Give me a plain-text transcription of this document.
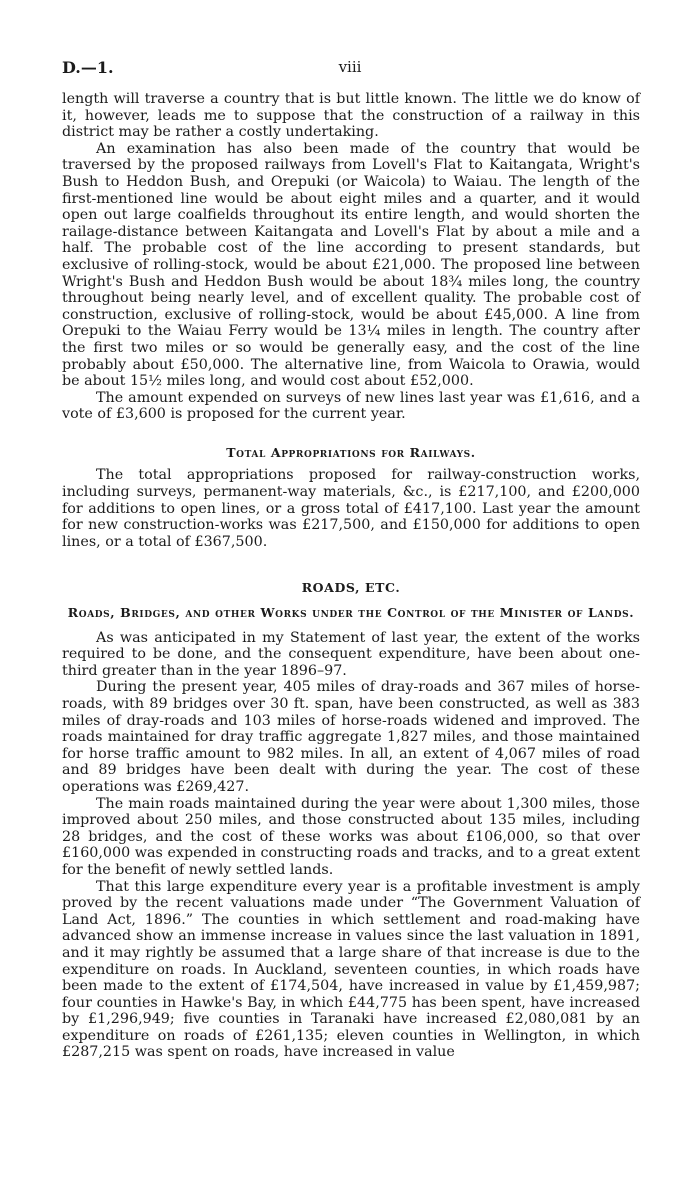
D.—1.	viii

length will traverse a country that is but little known. The little we do know of it, however, leads me to suppose that the construction of a railway in this district may be rather a costly undertaking.

An examination has also been made of the country that would be traversed by the proposed railways from Lovell's Flat to Kaitangata, Wright's Bush to Heddon Bush, and Orepuki (or Waicola) to Waiau. The length of the first-mentioned line would be about eight miles and a quarter, and it would open out large coalfields throughout its entire length, and would shorten the railage-distance between Kaitangata and Lovell's Flat by about a mile and a half. The probable cost of the line according to present standards, but exclusive of rolling-stock, would be about £21,000. The proposed line between Wright's Bush and Heddon Bush would be about 18¾ miles long, the country throughout being nearly level, and of excellent quality. The probable cost of construction, exclusive of rolling-stock, would be about £45,000. A line from Orepuki to the Waiau Ferry would be 13¼ miles in length. The country after the first two miles or so would be generally easy, and the cost of the line probably about £50,000. The alternative line, from Waicola to Orawia, would be about 15½ miles long, and would cost about £52,000.

The amount expended on surveys of new lines last year was £1,616, and a vote of £3,600 is proposed for the current year.

Total Appropriations for Railways.

The total appropriations proposed for railway-construction works, including surveys, permanent-way materials, &c., is £217,100, and £200,000 for additions to open lines, or a gross total of £417,100. Last year the amount for new construction-works was £217,500, and £150,000 for additions to open lines, or a total of £367,500.

ROADS, ETC.
Roads, Bridges, and other Works under the Control of the Minister of Lands.

As was anticipated in my Statement of last year, the extent of the works required to be done, and the consequent expenditure, have been about one-third greater than in the year 1896–97.

During the present year, 405 miles of dray-roads and 367 miles of horse-roads, with 89 bridges over 30 ft. span, have been constructed, as well as 383 miles of dray-roads and 103 miles of horse-roads widened and improved. The roads maintained for dray traffic aggregate 1,827 miles, and those maintained for horse traffic amount to 982 miles. In all, an extent of 4,067 miles of road and 89 bridges have been dealt with during the year. The cost of these operations was £269,427.

The main roads maintained during the year were about 1,300 miles, those improved about 250 miles, and those constructed about 135 miles, including 28 bridges, and the cost of these works was about £106,000, so that over £160,000 was expended in constructing roads and tracks, and to a great extent for the benefit of newly settled lands.

That this large expenditure every year is a profitable investment is amply proved by the recent valuations made under “The Government Valuation of Land Act, 1896.” The counties in which settlement and road-making have advanced show an immense increase in values since the last valuation in 1891, and it may rightly be assumed that a large share of that increase is due to the expenditure on roads. In Auckland, seventeen counties, in which roads have been made to the extent of £174,504, have increased in value by £1,459,987; four counties in Hawke's Bay, in which £44,775 has been spent, have increased by £1,296,949; five counties in Taranaki have increased £2,080,081 by an expenditure on roads of £261,135; eleven counties in Wellington, in which £287,215 was spent on roads, have increased in value
